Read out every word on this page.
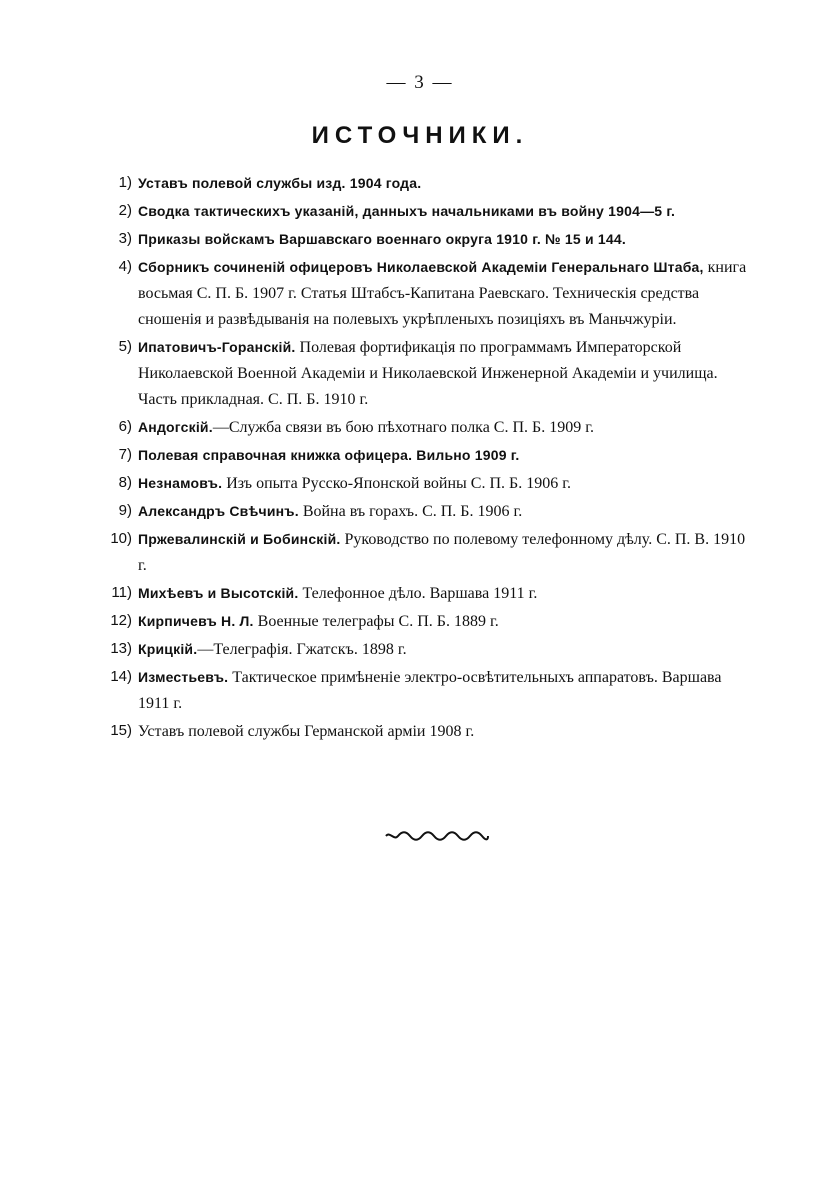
— 3 —
ИСТОЧНИКИ.
1) Уставъ полевой службы изд. 1904 года.
2) Сводка тактическихъ указаній, данныхъ начальниками въ войну 1904—5 г.
3) Приказы войскамъ Варшавскаго военнаго округа 1910 г. № 15 и 144.
4) Сборникъ сочиненій офицеровъ Николаевской Академіи Генеральнаго Штаба, книга восьмая С. П. Б. 1907 г. Статья Штабсъ-Капитана Раевскаго. Техническія средства сношенія и развѣдыванія на полевыхъ укрѣпленыхъ позиціяхъ въ Маньчжуріи.
5) Ипатовичъ-Горанскій. Полевая фортификація по программамъ Императорской Николаевской Военной Академіи и Николаевской Инженерной Академіи и училища. Часть прикладная. С. П. Б. 1910 г.
6) Андогскій.—Служба связи въ бою пѣхотнаго полка С. П. Б. 1909 г.
7) Полевая справочная книжка офицера. Вильно 1909 г.
8) Незнамовъ. Изъ опыта Русско-Японской войны С. П. Б. 1906 г.
9) Александръ Свѣчинъ. Война въ горахъ. С. П. Б. 1906 г.
10) Пржевалинскій и Бобинскій. Руководство по полевому телефонному дѣлу. С. П. В. 1910 г.
11) Михѣевъ и Высотскій. Телефонное дѣло. Варшава 1911 г.
12) Кирпичевъ Н. Л. Военные телеграфы С. П. Б. 1889 г.
13) Крицкій.—Телеграфія. Гжатскъ. 1898 г.
14) Изместьевъ. Тактическое примѣненіе электро-освѣтительныхъ аппаратовъ. Варшава 1911 г.
15) Уставъ полевой службы Германской арміи 1908 г.
